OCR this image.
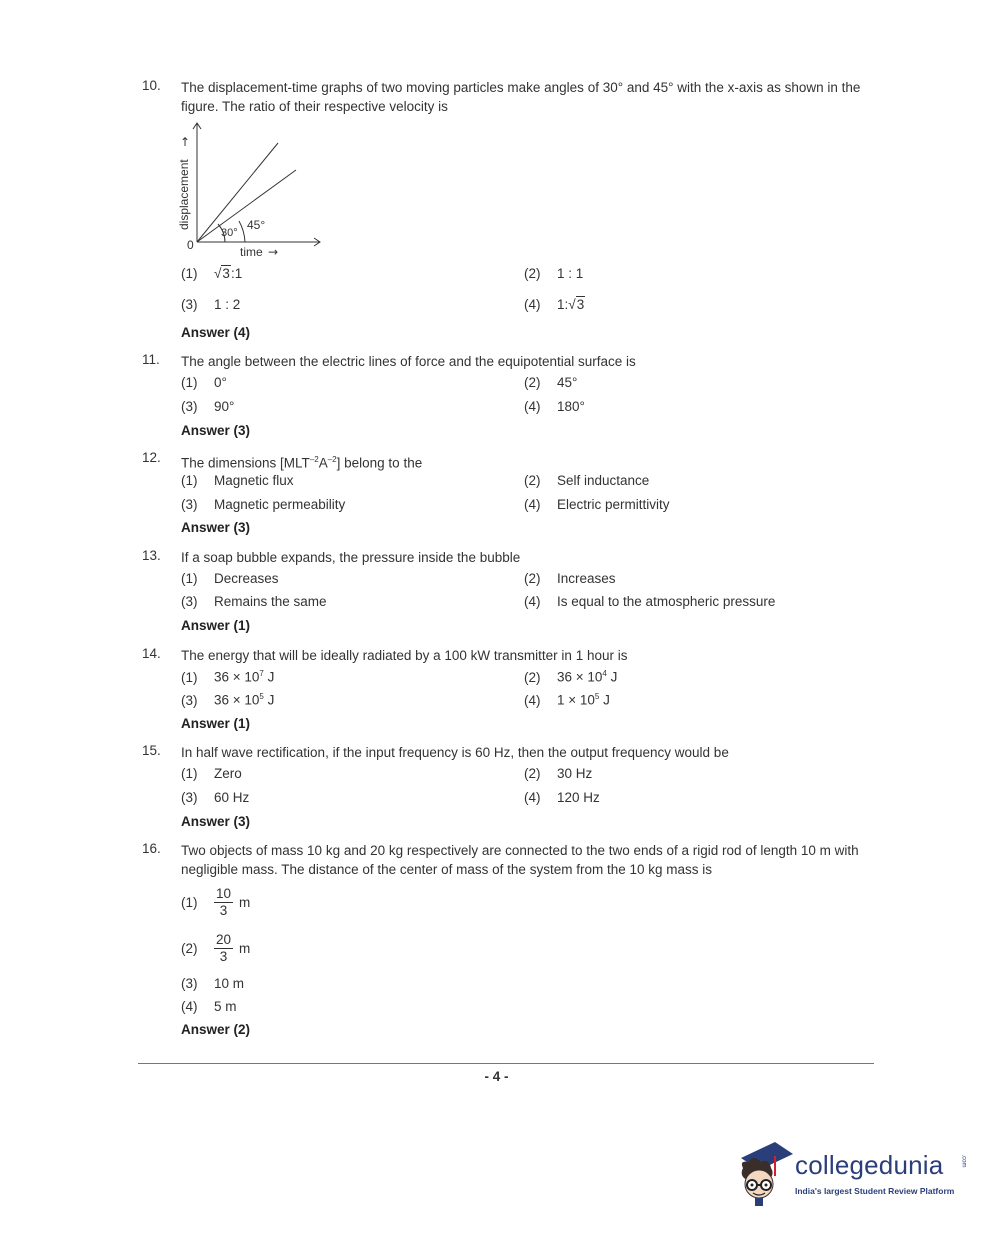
10. The displacement-time graphs of two moving particles make angles of 30° and 45° with the x-axis as shown in the figure. The ratio of their respective velocity is
displacement
↑
0
30°
45°
time →
(1) √3:1	(2) 1 : 1
(3) 1 : 2	(4) 1:√3
Answer (4)
11. The angle between the electric lines of force and the equipotential surface is
(1) 0°	(2) 45°
(3) 90°	(4) 180°
Answer (3)
12. The dimensions $[MLT^{-2}A^{-2}]$ belong to the
(1) Magnetic flux	(2) Self inductance
(3) Magnetic permeability	(4) Electric permittivity
Answer (3)
13. If a soap bubble expands, the pressure inside the bubble
(1) Decreases	(2) Increases
(3) Remains the same	(4) Is equal to the atmospheric pressure
Answer (1)
14. The energy that will be ideally radiated by a 100 kW transmitter in 1 hour is
(1) $36 \times 10^7$ J	(2) $36 \times 10^4$ J
(3) $36 \times 10^5$ J	(4) $1 \times 10^5$ J
Answer (1)
15. In half wave rectification, if the input frequency is 60 Hz, then the output frequency would be
(1) Zero	(2) 30 Hz
(3) 60 Hz	(4) 120 Hz
Answer (3)
16. Two objects of mass 10 kg and 20 kg respectively are connected to the two ends of a rigid rod of length 10 m with negligible mass. The distance of the center of mass of the system from the 10 kg mass is
$(1) \frac{10}{3}$ m
$(2) \frac{20}{3}$ m
(3) 10 m
(4) 5 m
Answer (2)
- 4 -
collegedunia	.com
India's largest Student Review Platform
